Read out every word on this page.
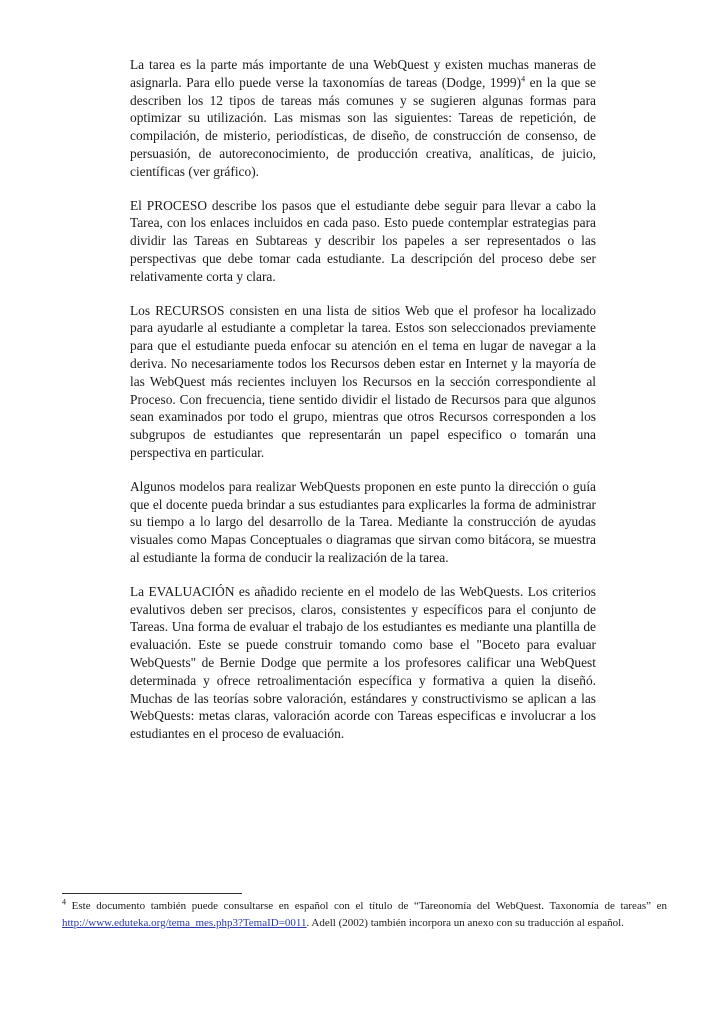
La tarea es la parte más importante de una WebQuest y existen muchas maneras de asignarla. Para ello puede verse la taxonomías de tareas (Dodge, 1999)$^4$ en la que se describen los 12 tipos de tareas más comunes y se sugieren algunas formas para optimizar su utilización. Las mismas son las siguientes: Tareas de repetición, de compilación, de misterio, periodísticas, de diseño, de construcción de consenso, de persuasión, de autoreconocimiento, de producción creativa, analíticas, de juicio, científicas (ver gráfico).

El PROCESO describe los pasos que el estudiante debe seguir para llevar a cabo la Tarea, con los enlaces incluidos en cada paso. Esto puede contemplar estrategias para dividir las Tareas en Subtareas y describir los papeles a ser representados o las perspectivas que debe tomar cada estudiante. La descripción del proceso debe ser relativamente corta y clara.

Los RECURSOS consisten en una lista de sitios Web que el profesor ha localizado para ayudarle al estudiante a completar la tarea. Estos son seleccionados previamente para que el estudiante pueda enfocar su atención en el tema en lugar de navegar a la deriva. No necesariamente todos los Recursos deben estar en Internet y la mayoría de las WebQuest más recientes incluyen los Recursos en la sección correspondiente al Proceso. Con frecuencia, tiene sentido dividir el listado de Recursos para que algunos sean examinados por todo el grupo, mientras que otros Recursos corresponden a los subgrupos de estudiantes que representarán un papel especifico o tomarán una perspectiva en particular.

Algunos modelos para realizar WebQuests proponen en este punto la dirección o guía que el docente pueda brindar a sus estudiantes para explicarles la forma de administrar su tiempo a lo largo del desarrollo de la Tarea. Mediante la construcción de ayudas visuales como Mapas Conceptuales o diagramas que sirvan como bitácora, se muestra al estudiante la forma de conducir la realización de la tarea.

La EVALUACIÓN es añadido reciente en el modelo de las WebQuests. Los criterios evalutivos deben ser precisos, claros, consistentes y específicos para el conjunto de Tareas. Una forma de evaluar el trabajo de los estudiantes es mediante una plantilla de evaluación. Este se puede construir tomando como base el "Boceto para evaluar WebQuests" de Bernie Dodge que permite a los profesores calificar una WebQuest determinada y ofrece retroalimentación específica y formativa a quien la diseñó. Muchas de las teorías sobre valoración, estándares y constructivismo se aplican a las WebQuests: metas claras, valoración acorde con Tareas especificas e involucrar a los estudiantes en el proceso de evaluación.

$^4$ Este documento también puede consultarse en español con el título de “Tareonomía del WebQuest. Taxonomía de tareas” en http://www.eduteka.org/tema_mes.php3?TemaID=0011. Adell (2002) también incorpora un anexo con su traducción al español.
